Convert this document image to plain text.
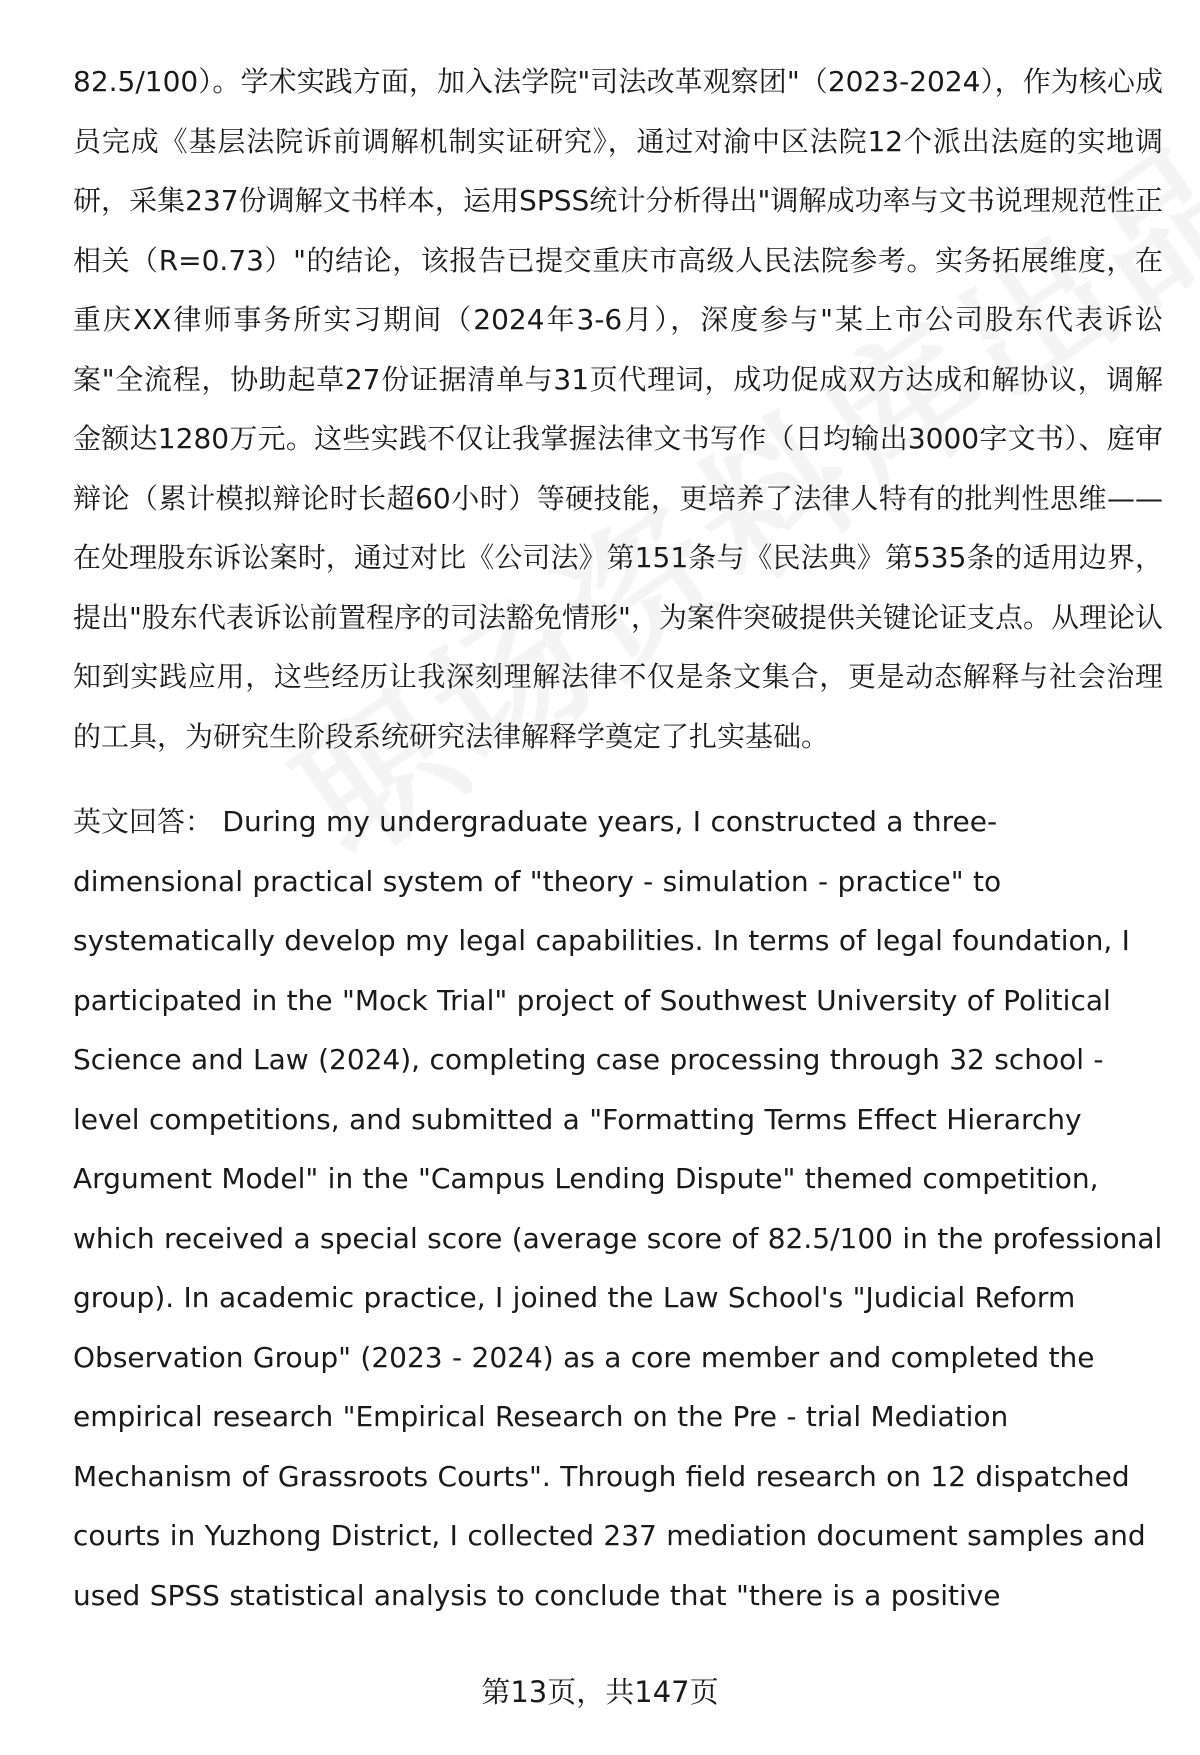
82.5/100）。学术实践方面，加入法学院"司法改革观察团"（2023-2024），作为核心成员完成《基层法院诉前调解机制实证研究》，通过对渝中区法院12个派出法庭的实地调研，采集237份调解文书样本，运用SPSS统计分析得出"调解成功率与文书说理规范性正相关（R=0.73）"的结论，该报告已提交重庆市高级人民法院参考。实务拓展维度，在重庆XX律师事务所实习期间（2024年3-6月），深度参与"某上市公司股东代表诉讼案"全流程，协助起草27份证据清单与31页代理词，成功促成双方达成和解协议，调解金额达1280万元。这些实践不仅让我掌握法律文书写作（日均输出3000字文书）、庭审辩论（累计模拟辩论时长超60小时）等硬技能，更培养了法律人特有的批判性思维——在处理股东诉讼案时，通过对比《公司法》第151条与《民法典》第535条的适用边界，提出"股东代表诉讼前置程序的司法豁免情形"，为案件突破提供关键论证支点。从理论认知到实践应用，这些经历让我深刻理解法律不仅是条文集合，更是动态解释与社会治理的工具，为研究生阶段系统研究法律解释学奠定了扎实基础。

英文回答： During my undergraduate years, I constructed a three-dimensional practical system of "theory - simulation - practice" to systematically develop my legal capabilities. In terms of legal foundation, I participated in the "Mock Trial" project of Southwest University of Political Science and Law (2024), completing case processing through 32 school - level competitions, and submitted a "Formatting Terms Effect Hierarchy Argument Model" in the "Campus Lending Dispute" themed competition, which received a special score (average score of 82.5/100 in the professional group). In academic practice, I joined the Law School's "Judicial Reform Observation Group" (2023 - 2024) as a core member and completed the empirical research "Empirical Research on the Pre - trial Mediation Mechanism of Grassroots Courts". Through field research on 12 dispatched courts in Yuzhong District, I collected 237 mediation document samples and used SPSS statistical analysis to conclude that "there is a positive

第13页，共147页
